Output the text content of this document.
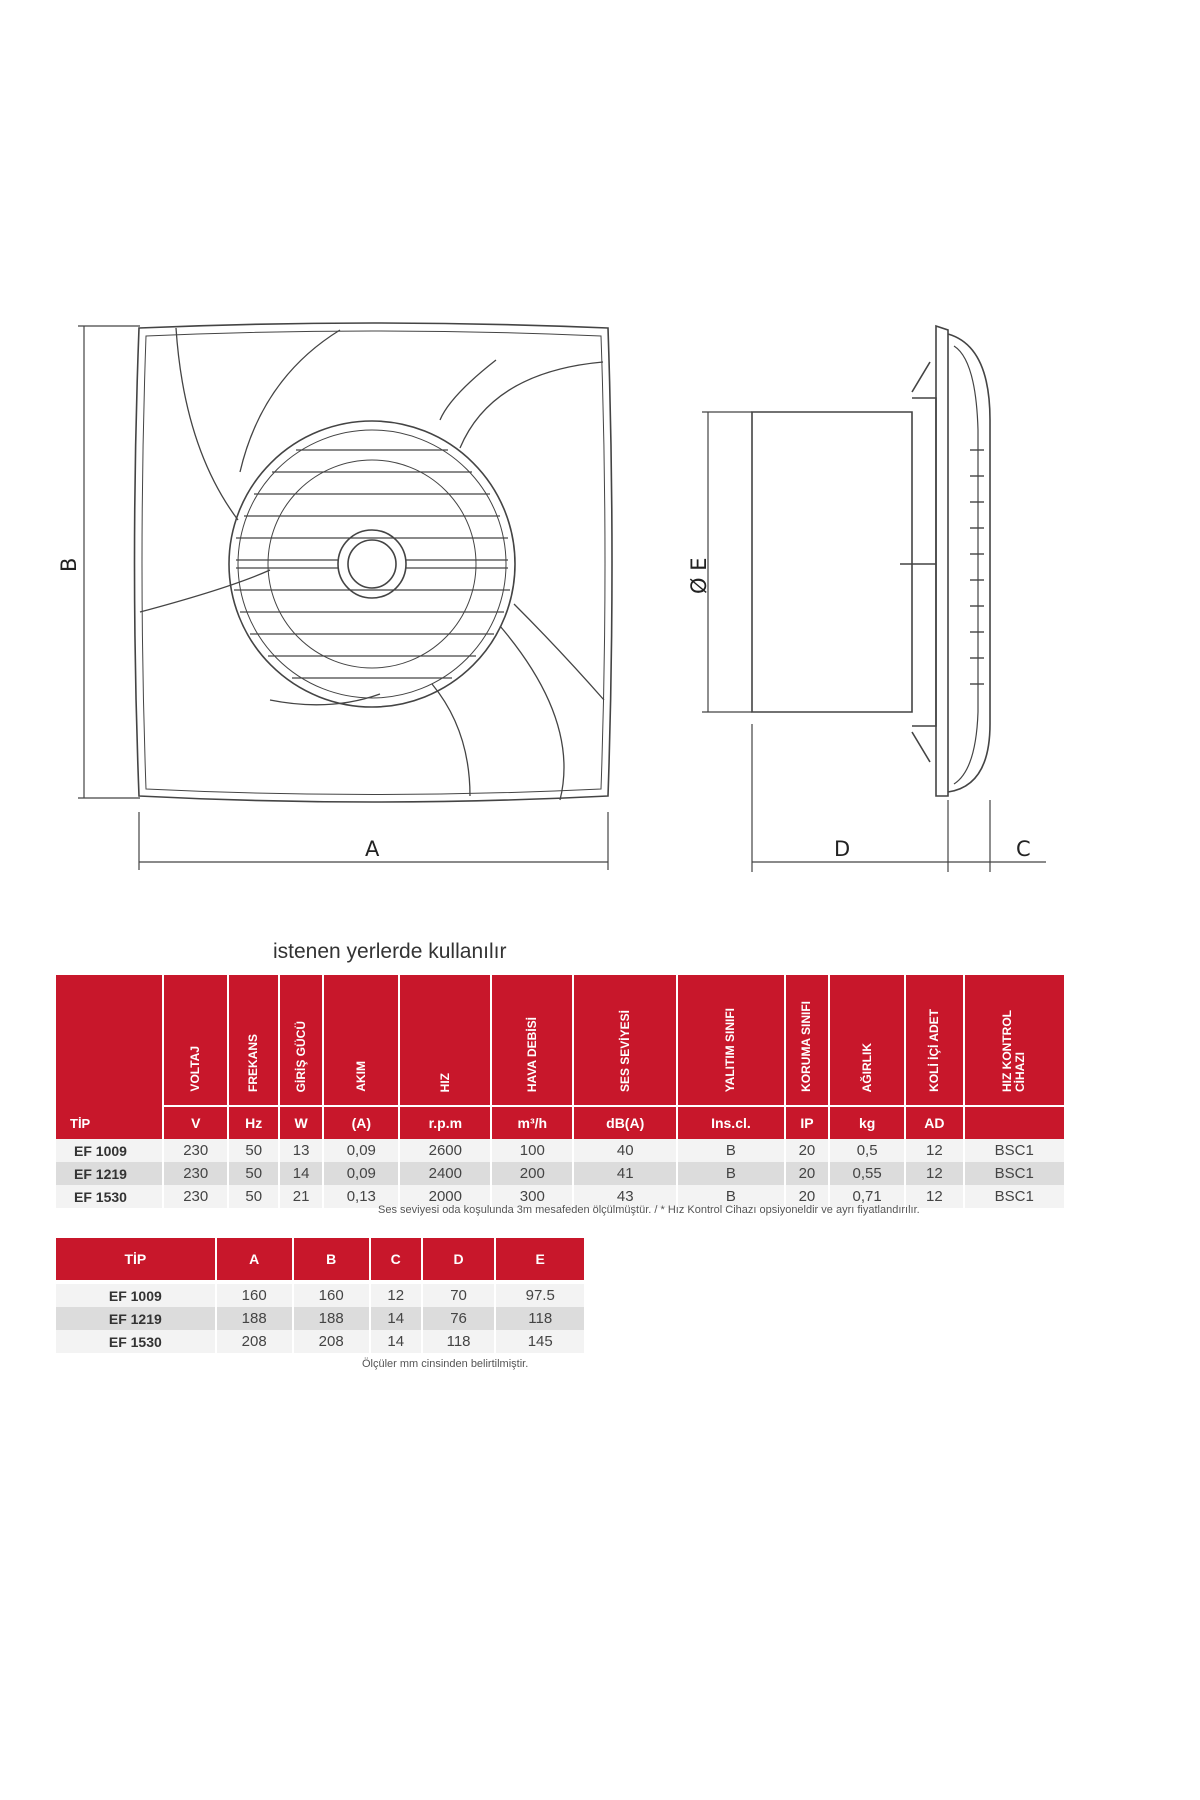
B
A
Ø E
D	C
istenen yerlerde kullanılır
TİP	VOLTAJ	FREKANS	GİRİŞ GÜCÜ	AKIM	HIZ	HAVA DEBİSİ	SES SEVİYESİ	YALITIM SINIFI	KORUMA SINIFI	AĞIRLIK	KOLİ İÇİ ADET	HIZ KONTROL CİHAZI
	V	Hz	W	(A)	r.p.m	m³/h	dB(A)	Ins.cl.	IP	kg	AD	
EF 1009	230	50	13	0,09	2600	100	40	B	20	0,5	12	BSC1
EF 1219	230	50	14	0,09	2400	200	41	B	20	0,55	12	BSC1
EF 1530	230	50	21	0,13	2000	300	43	B	20	0,71	12	BSC1
Ses seviyesi oda koşulunda 3m mesafeden ölçülmüştür. / * Hız Kontrol Cihazı opsiyoneldir ve ayrı fiyatlandırılır.
TİP	A	B	C	D	E
EF 1009	160	160	12	70	97.5
EF 1219	188	188	14	76	118
EF 1530	208	208	14	118	145
Ölçüler mm cinsinden belirtilmiştir.
